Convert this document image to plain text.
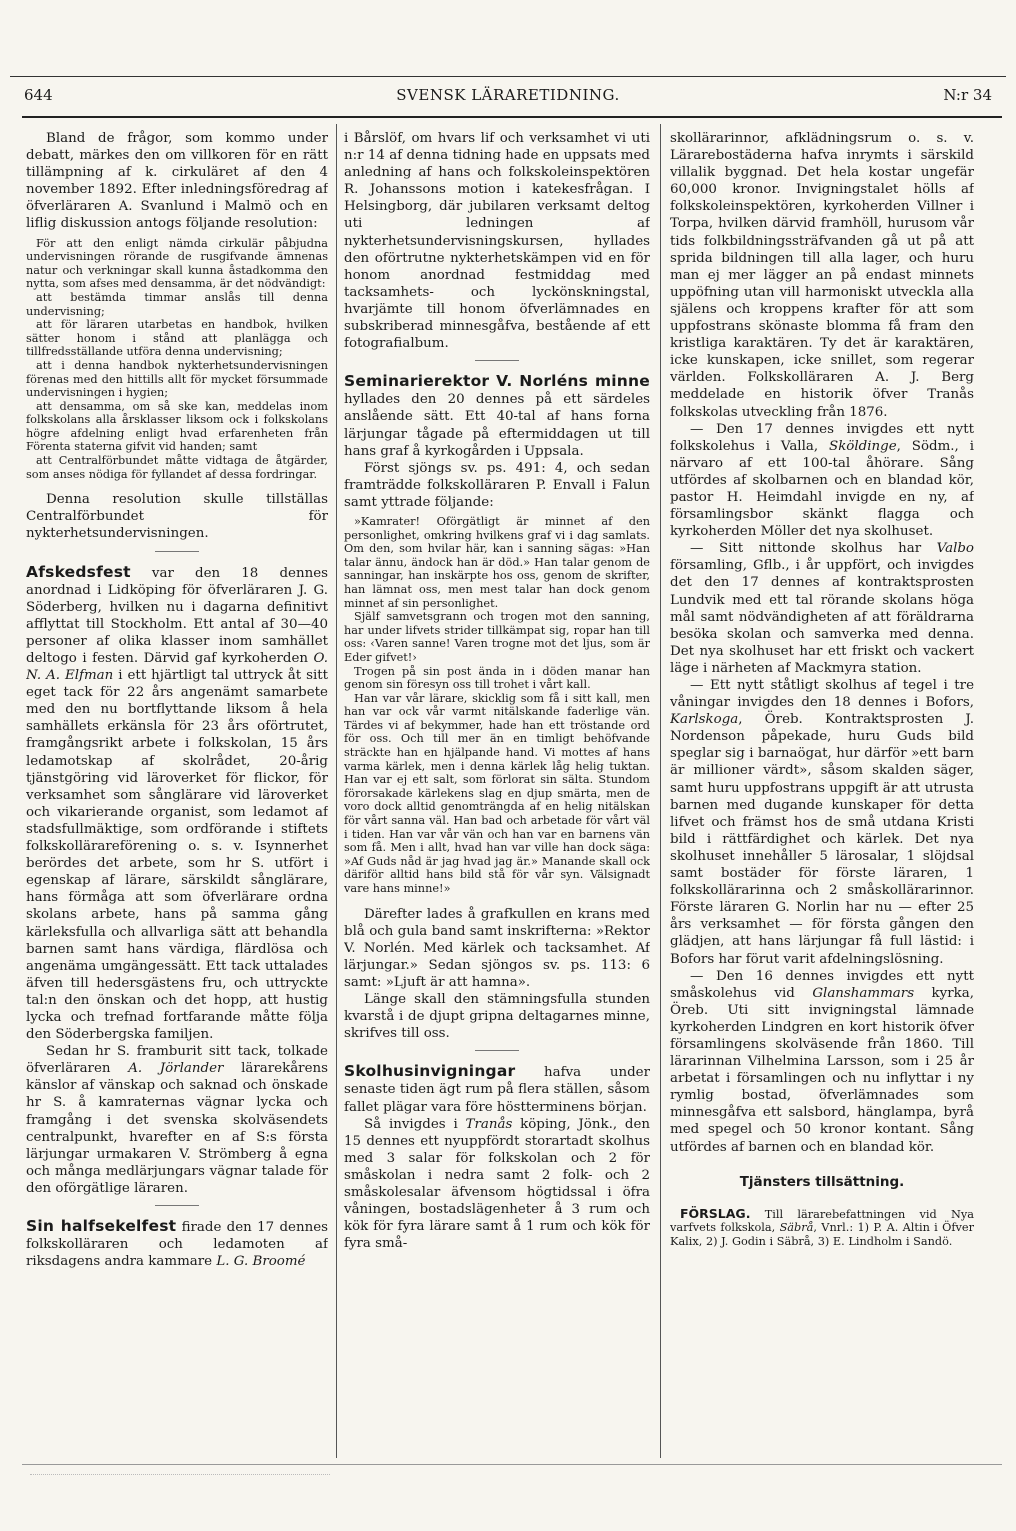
644	SVENSK LÄRARETIDNING.	N:r 34

Bland de frågor, som kommo under debatt, märkes den om villkoren för en rätt tillämpning af k. cirkuläret af den 4 november 1892. Efter inledningsföredrag af öfverläraren A. Svanlund i Malmö och en liflig diskussion antogs följande resolution:

För att den enligt nämda cirkulär påbjudna undervisningen rörande de rusgifvande ämnenas natur och verkningar skall kunna åstadkomma den nytta, som afses med densamma, är det nödvändigt:

att bestämda timmar anslås till denna undervisning;

att för läraren utarbetas en handbok, hvilken sätter honom i stånd att planlägga och tillfredsställande utföra denna undervisning;

att i denna handbok nykterhetsundervisningen förenas med den hittills allt för mycket försummade undervisningen i hygien;

att densamma, om så ske kan, meddelas inom folkskolans alla årsklasser liksom ock i folkskolans högre afdelning enligt hvad erfarenheten från Förenta staterna gifvit vid handen; samt

att Centralförbundet måtte vidtaga de åtgärder, som anses nödiga för fyllandet af dessa fordringar.

Denna resolution skulle tillställas Centralförbundet för nykterhetsundervisningen.

Afskedsfest var den 18 dennes anordnad i Lidköping för öfverläraren J. G. Söderberg, hvilken nu i dagarna definitivt afflyttat till Stockholm. Ett antal af 30—40 personer af olika klasser inom samhället deltogo i festen. Därvid gaf kyrkoherden O. N. A. Elfman i ett hjärtligt tal uttryck åt sitt eget tack för 22 års angenämt samarbete med den nu bortflyttande liksom å hela samhällets erkänsla för 23 års oförtrutet, framgångsrikt arbete i folkskolan, 15 års ledamotskap af skolrådet, 20-årig tjänstgöring vid läroverket för flickor, för verksamhet som sånglärare vid läroverket och vikarierande organist, som ledamot af stadsfullmäktige, som ordförande i stiftets folkskollärareförening o. s. v. Isynnerhet berördes det arbete, som hr S. utfört i egenskap af lärare, särskildt sånglärare, hans förmåga att som öfverlärare ordna skolans arbete, hans på samma gång kärleksfulla och allvarliga sätt att behandla barnen samt hans värdiga, flärdlösa och angenäma umgängessätt. Ett tack uttalades äfven till hedersgästens fru, och uttryckte tal:n den önskan och det hopp, att hustig lycka och trefnad fortfarande måtte följa den Söderbergska familjen.

Sedan hr S. framburit sitt tack, tolkade öfverläraren A. Jörlander lärarekårens känslor af vänskap och saknad och önskade hr S. å kamraternas vägnar lycka och framgång i det svenska skolväsendets centralpunkt, hvarefter en af S:s första lärjungar urmakaren V. Strömberg å egna och många medlärjungars vägnar talade för den oförgätlige läraren.

Sin halfsekelfest firade den 17 dennes folkskolläraren och ledamoten af riksdagens andra kammare L. G. Broomé

i Bårslöf, om hvars lif och verksamhet vi uti n:r 14 af denna tidning hade en uppsats med anledning af hans och folkskoleinspektören R. Johanssons motion i katekesfrågan. I Helsingborg, där jubilaren verksamt deltog uti ledningen af nykterhetsundervisningskursen, hyllades den oförtrutne nykterhetskämpen vid en för honom anordnad festmiddag med tacksamhets- och lyckönskningstal, hvarjämte till honom öfverlämnades en subskriberad minnesgåfva, bestående af ett fotografialbum.

Seminarierektor V. Norléns minne hyllades den 20 dennes på ett särdeles anslående sätt. Ett 40-tal af hans forna lärjungar tågade på eftermiddagen ut till hans graf å kyrkogården i Uppsala.

Först sjöngs sv. ps. 491: 4, och sedan framträdde folkskolläraren P. Envall i Falun samt yttrade följande:

»Kamrater! Oförgätligt är minnet af den personlighet, omkring hvilkens graf vi i dag samlats. Om den, som hvilar här, kan i sanning sägas: »Han talar ännu, ändock han är död.» Han talar genom de sanningar, han inskärpte hos oss, genom de skrifter, han lämnat oss, men mest talar han dock genom minnet af sin personlighet.

Själf samvetsgrann och trogen mot den sanning, har under lifvets strider tillkämpat sig, ropar han till oss: ‹Varen sanne! Varen trogne mot det ljus, som är Eder gifvet!›

Trogen på sin post ända in i döden manar han genom sin föresyn oss till trohet i vårt kall.

Han var vår lärare, skicklig som få i sitt kall, men han var ock vår varmt nitälskande faderlige vän. Tärdes vi af bekymmer, hade han ett tröstande ord för oss. Och till mer än en timligt behöfvande sträckte han en hjälpande hand. Vi mottes af hans varma kärlek, men i denna kärlek låg helig tuktan. Han var ej ett salt, som förlorat sin sälta. Stundom förorsakade kärlekens slag en djup smärta, men de voro dock alltid genomträngda af en helig nitälskan för vårt sanna väl. Han bad och arbetade för vårt väl i tiden. Han var vår vän och han var en barnens vän som få. Men i allt, hvad han var ville han dock säga: »Af Guds nåd är jag hvad jag är.» Manande skall ock däriför alltid hans bild stå för vår syn. Välsignadt vare hans minne!»

Därefter lades å grafkullen en krans med blå och gula band samt inskrifterna: »Rektor V. Norlén. Med kärlek och tacksamhet. Af lärjungar.» Sedan sjöngos sv. ps. 113: 6 samt: »Ljuft är att hamna».

Länge skall den stämningsfulla stunden kvarstå i de djupt gripna deltagarnes minne, skrifves till oss.

Skolhusinvigningar hafva under senaste tiden ägt rum på flera ställen, såsom fallet plägar vara före höstterminens början.

Så invigdes i Tranås köping, Jönk., den 15 dennes ett nyuppfördt storartadt skolhus med 3 salar för folkskolan och 2 för småskolan i nedra samt 2 folk- och 2 småskolesalar äfvensom högtidssal i öfra våningen, bostadslägenheter å 3 rum och kök för fyra lärare samt å 1 rum och kök för fyra små-

skollärarinnor, afklädningsrum o. s. v. Lärarebostäderna hafva inrymts i särskild villalik byggnad. Det hela kostar ungefär 60,000 kronor. Invigningstalet hölls af folkskoleinspektören, kyrkoherden Villner i Torpa, hvilken därvid framhöll, hurusom vår tids folkbildningssträfvanden gå ut på att sprida bildningen till alla lager, och huru man ej mer lägger an på endast minnets uppöfning utan vill harmoniskt utveckla alla själens och kroppens krafter för att som uppfostrans skönaste blomma få fram den kristliga karaktären. Ty det är karaktären, icke kunskapen, icke snillet, som regerar världen. Folkskolläraren A. J. Berg meddelade en historik öfver Tranås folkskolas utveckling från 1876.

— Den 17 dennes invigdes ett nytt folkskolehus i Valla, Sköldinge, Södm., i närvaro af ett 100-tal åhörare. Sång utfördes af skolbarnen och en blandad kör, pastor H. Heimdahl invigde en ny, af församlingsbor skänkt flagga och kyrkoherden Möller det nya skolhuset.

— Sitt nittonde skolhus har Valbo församling, Gflb., i år uppfört, och invigdes det den 17 dennes af kontraktsprosten Lundvik med ett tal rörande skolans höga mål samt nödvändigheten af att föräldrarna besöka skolan och samverka med denna. Det nya skolhuset har ett friskt och vackert läge i närheten af Mackmyra station.

— Ett nytt ståtligt skolhus af tegel i tre våningar invigdes den 18 dennes i Bofors, Karlskoga, Öreb. Kontraktsprosten J. Nordenson påpekade, huru Guds bild speglar sig i barnaögat, hur därför »ett barn är millioner värdt», såsom skalden säger, samt huru uppfostrans uppgift är att utrusta barnen med dugande kunskaper för detta lifvet och främst hos de små utdana Kristi bild i rättfärdighet och kärlek. Det nya skolhuset innehåller 5 lärosalar, 1 slöjdsal samt bostäder för förste läraren, 1 folkskollärarinna och 2 småskollärarinnor. Förste läraren G. Norlin har nu — efter 25 års verksamhet — för första gången den glädjen, att hans lärjungar få full lästid: i Bofors har förut varit afdelningslösning.

— Den 16 dennes invigdes ett nytt småskolehus vid Glanshammars kyrka, Öreb. Uti sitt invigningstal lämnade kyrkoherden Lindgren en kort historik öfver församlingens skolväsende från 1860. Till lärarinnan Vilhelmina Larsson, som i 25 år arbetat i församlingen och nu inflyttar i ny rymlig bostad, öfverlämnades som minnesgåfva ett salsbord, hänglampa, byrå med spegel och 50 kronor kontant. Sång utfördes af barnen och en blandad kör.

Tjänsters tillsättning.

FÖRSLAG. Till lärarebefattningen vid Nya varfvets folkskola, Säbrå, Vnrl.: 1) P. A. Altin i Öfver Kalix, 2) J. Godin i Säbrå, 3) E. Lindholm i Sandö.
